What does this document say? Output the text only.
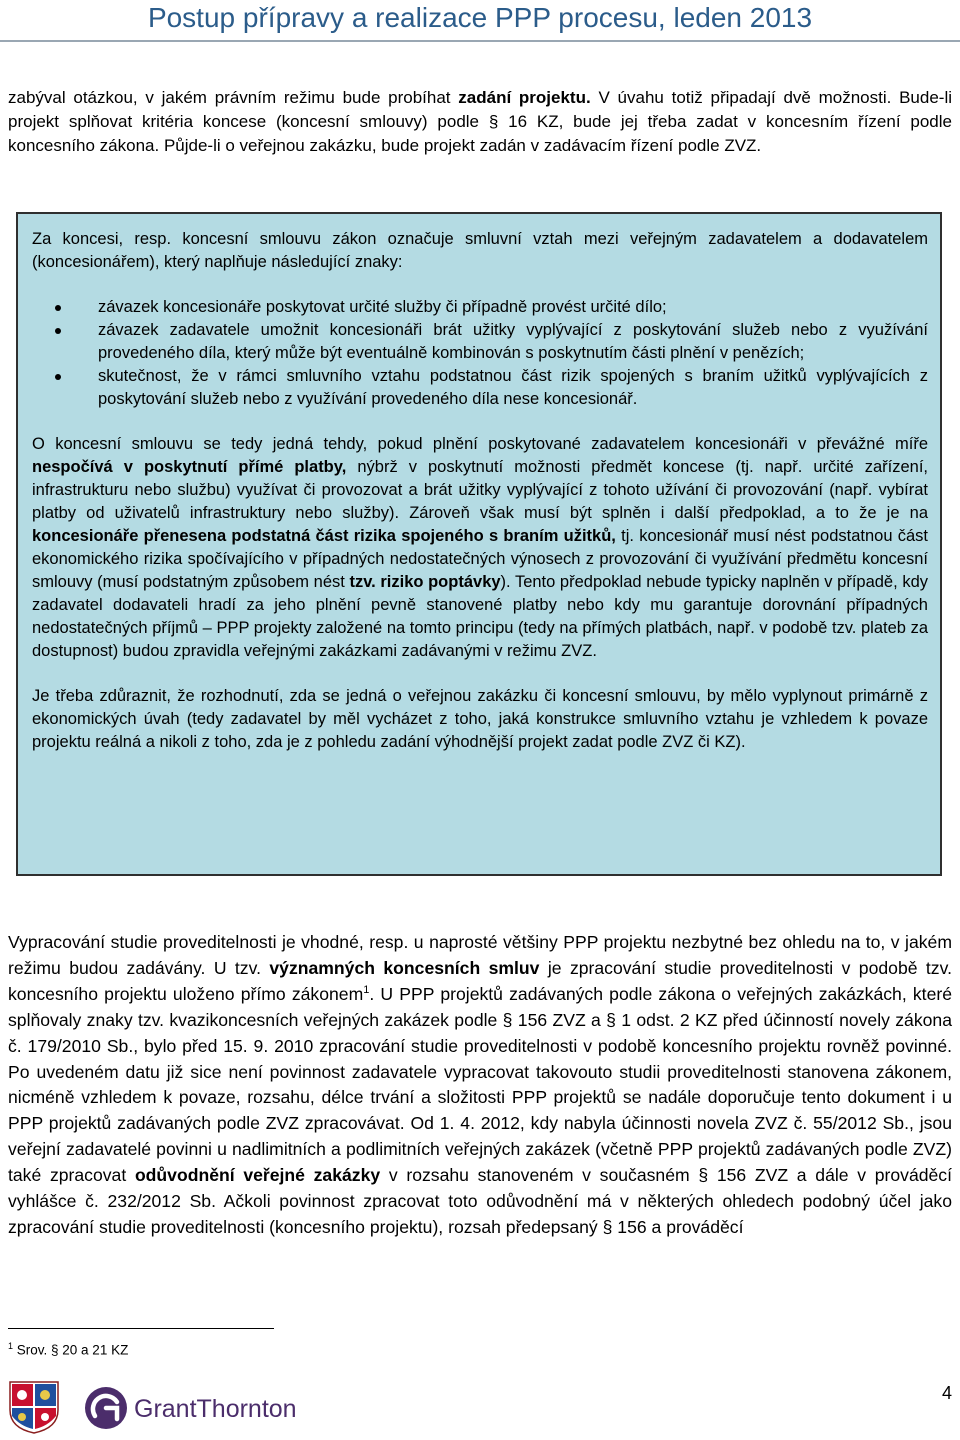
Postup přípravy a realizace PPP procesu, leden 2013
zabýval otázkou, v jakém právním režimu bude probíhat zadání projektu. V úvahu totiž připadají dvě možnosti. Bude-li projekt splňovat kritéria koncese (koncesní smlouvy) podle § 16 KZ, bude jej třeba zadat v koncesním řízení podle koncesního zákona. Půjde-li o veřejnou zakázku, bude projekt zadán v zadávacím řízení podle ZVZ.

Za koncesi, resp. koncesní smlouvu zákon označuje smluvní vztah mezi veřejným zadavatelem a dodavatelem (koncesionářem), který naplňuje následující znaky:

závazek koncesionáře poskytovat určité služby či případně provést určité dílo;
závazek zadavatele umožnit koncesionáři brát užitky vyplývající z poskytování služeb nebo z využívání provedeného díla, který může být eventuálně kombinován s poskytnutím části plnění v penězích;
skutečnost, že v rámci smluvního vztahu podstatnou část rizik spojených s braním užitků vyplývajících z poskytování služeb nebo z využívání provedeného díla nese koncesionář.

O koncesní smlouvu se tedy jedná tehdy, pokud plnění poskytované zadavatelem koncesionáři v převážné míře nespočívá v poskytnutí přímé platby, nýbrž v poskytnutí možnosti předmět koncese (tj. např. určité zařízení, infrastrukturu nebo službu) využívat či provozovat a brát užitky vyplývající z tohoto užívání či provozování (např. vybírat platby od uživatelů infrastruktury nebo služby). Zároveň však musí být splněn i další předpoklad, a to že je na koncesionáře přenesena podstatná část rizika spojeného s braním užitků, tj. koncesionář musí nést podstatnou část ekonomického rizika spočívajícího v případných nedostatečných výnosech z provozování či využívání předmětu koncesní smlouvy (musí podstatným způsobem nést tzv. riziko poptávky). Tento předpoklad nebude typicky naplněn v případě, kdy zadavatel dodavateli hradí za jeho plnění pevně stanovené platby nebo kdy mu garantuje dorovnání případných nedostatečných příjmů – PPP projekty založené na tomto principu (tedy na přímých platbách, např. v podobě tzv. plateb za dostupnost) budou zpravidla veřejnými zakázkami zadávanými v režimu ZVZ.

Je třeba zdůraznit, že rozhodnutí, zda se jedná o veřejnou zakázku či koncesní smlouvu, by mělo vyplynout primárně z ekonomických úvah (tedy zadavatel by měl vycházet z toho, jaká konstrukce smluvního vztahu je vzhledem k povaze projektu reálná a nikoli z toho, zda je z pohledu zadání výhodnější projekt zadat podle ZVZ či KZ).

Vypracování studie proveditelnosti je vhodné, resp. u naprosté většiny PPP projektu nezbytné bez ohledu na to, v jakém režimu budou zadávány. U tzv. významných koncesních smluv je zpracování studie proveditelnosti v podobě tzv. koncesního projektu uloženo přímo zákonem$^1$. U PPP projektů zadávaných podle zákona o veřejných zakázkách, které splňovaly znaky tzv. kvazikoncesních veřejných zakázek podle § 156 ZVZ a § 1 odst. 2 KZ před účinností novely zákona č. 179/2010 Sb., bylo před 15. 9. 2010 zpracování studie proveditelnosti v podobě koncesního projektu rovněž povinné. Po uvedeném datu již sice není povinnost zadavatele vypracovat takovouto studii proveditelnosti stanovena zákonem, nicméně vzhledem k povaze, rozsahu, délce trvání a složitosti PPP projektů se nadále doporučuje tento dokument i u PPP projektů zadávaných podle ZVZ zpracovávat. Od 1. 4. 2012, kdy nabyla účinnosti novela ZVZ č. 55/2012 Sb., jsou veřejní zadavatelé povinni u nadlimitních a podlimitních veřejných zakázek (včetně PPP projektů zadávaných podle ZVZ) také zpracovat odůvodnění veřejné zakázky v rozsahu stanoveném v současném § 156 ZVZ a dále v prováděcí vyhlášce č. 232/2012 Sb. Ačkoli povinnost zpracovat toto odůvodnění má v některých ohledech podobný účel jako zpracování studie proveditelnosti (koncesního projektu), rozsah předepsaný § 156 a prováděcí
$^1$ Srov. § 20 a 21 KZ
GrantThornton
4
